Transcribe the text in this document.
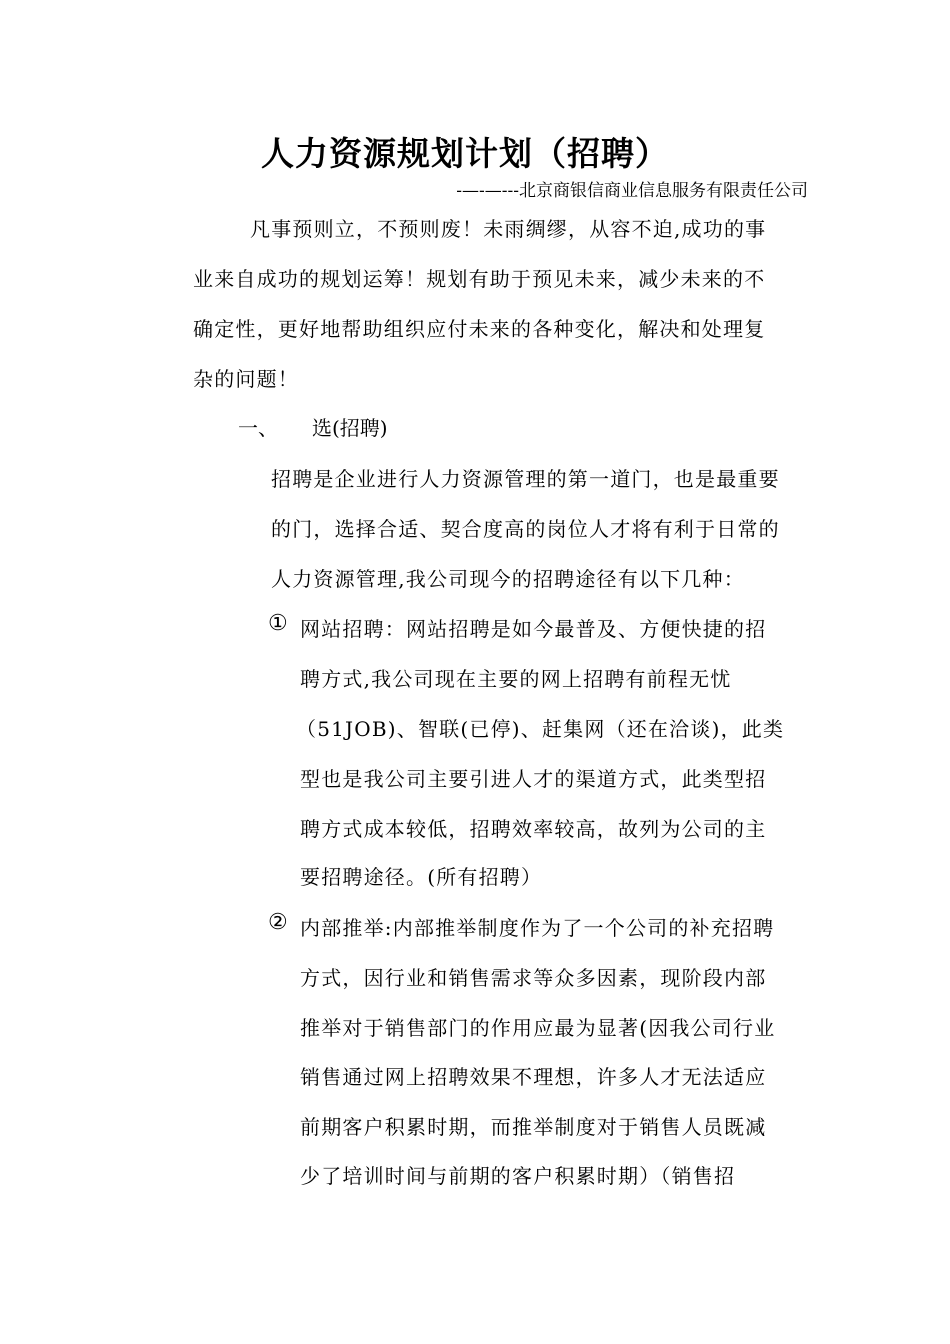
人力资源规划计划（招聘）
-—-—---北京商银信商业信息服务有限责任公司
凡事预则立，不预则废！未雨绸缪，从容不迫,成功的事
业来自成功的规划运筹！规划有助于预见未来，减少未来的不
确定性，更好地帮助组织应付未来的各种变化，解决和处理复
杂的问题！
一、 选(招聘)
招聘是企业进行人力资源管理的第一道门，也是最重要
的门，选择合适、契合度高的岗位人才将有利于日常的
人力资源管理,我公司现今的招聘途径有以下几种：
① 网站招聘：网站招聘是如今最普及、方便快捷的招
聘方式,我公司现在主要的网上招聘有前程无忧
（51JOB)、智联(已停)、赶集网（还在洽谈)，此类
型也是我公司主要引进人才的渠道方式，此类型招
聘方式成本较低，招聘效率较高，故列为公司的主
要招聘途径。(所有招聘）
② 内部推举:内部推举制度作为了一个公司的补充招聘
方式，因行业和销售需求等众多因素，现阶段内部
推举对于销售部门的作用应最为显著(因我公司行业
销售通过网上招聘效果不理想，许多人才无法适应
前期客户积累时期，而推举制度对于销售人员既减
少了培训时间与前期的客户积累时期）（销售招
